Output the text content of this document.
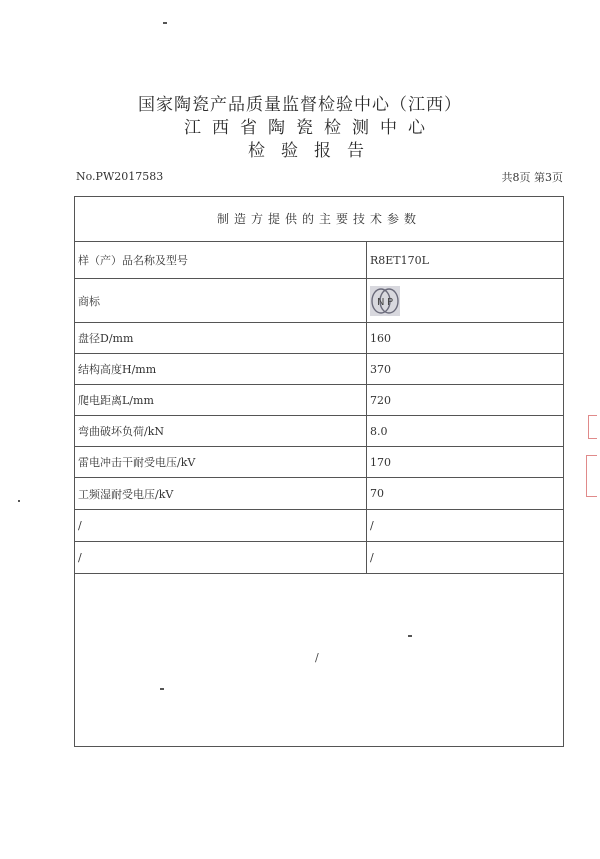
国家陶瓷产品质量监督检验中心（江西）
江西省陶瓷检测中心
检验报告
No.PW2017583	共8页 第3页
制造方提供的主要技术参数
样（产）品名称及型号	R8ET170L
商标	N P
盘径D/mm	160
结构高度H/mm	370
爬电距离L/mm	720
弯曲破坏负荷/kN	8.0
雷电冲击干耐受电压/kV	170
工频湿耐受电压/kV	70
/	/
/	/
/
